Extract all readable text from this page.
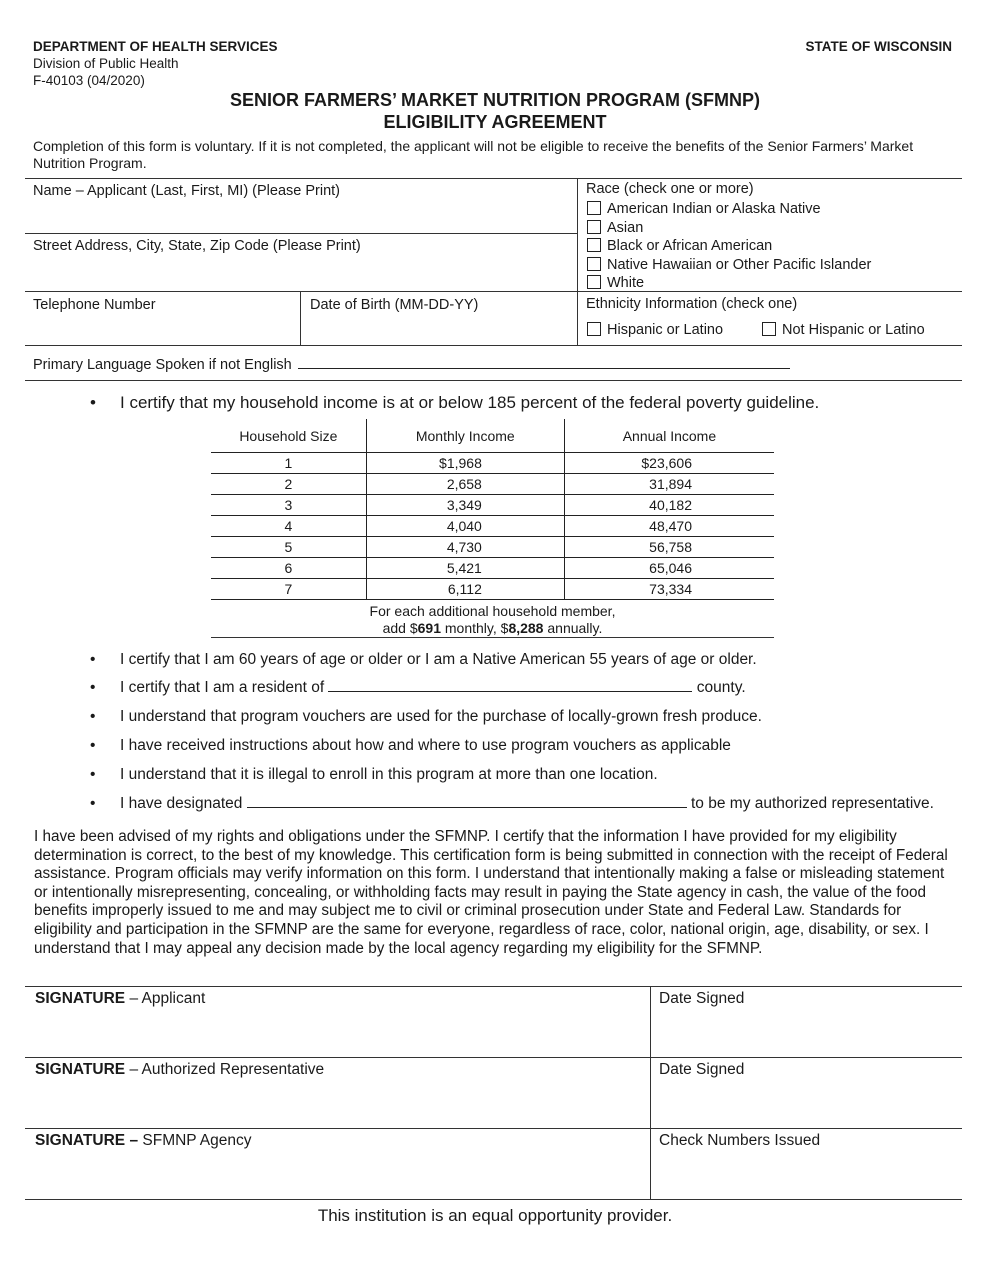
DEPARTMENT OF HEALTH SERVICES
Division of Public Health
F-40103 (04/2020)
STATE OF WISCONSIN
SENIOR FARMERS’ MARKET NUTRITION PROGRAM (SFMNP)
ELIGIBILITY AGREEMENT
Completion of this form is voluntary. If it is not completed, the applicant will not be eligible to receive the benefits of the Senior Farmers’ Market Nutrition Program.
Name – Applicant (Last, First, MI) (Please Print)
Street Address, City, State, Zip Code (Please Print)
Telephone Number	Date of Birth (MM-DD-YY)
Race (check one or more)
American Indian or Alaska Native
Asian
Black or African American
Native Hawaiian or Other Pacific Islander
White
Ethnicity Information (check one)
Hispanic or Latino	Not Hispanic or Latino
Primary Language Spoken if not English
• I certify that my household income is at or below 185 percent of the federal poverty guideline.
Household Size	Monthly Income	Annual Income
1	$1,968	$23,606
2	2,658	31,894
3	3,349	40,182
4	4,040	48,470
5	4,730	56,758
6	5,421	65,046
7	6,112	73,334
For each additional household member,
add $691 monthly, $8,288 annually.
• I certify that I am 60 years of age or older or I am a Native American 55 years of age or older.
• I certify that I am a resident of	county.
• I understand that program vouchers are used for the purchase of locally-grown fresh produce.
• I have received instructions about how and where to use program vouchers as applicable
• I understand that it is illegal to enroll in this program at more than one location.
• I have designated	to be my authorized representative.
I have been advised of my rights and obligations under the SFMNP. I certify that the information I have provided for my eligibility determination is correct, to the best of my knowledge. This certification form is being submitted in connection with the receipt of Federal assistance. Program officials may verify information on this form. I understand that intentionally making a false or misleading statement or intentionally misrepresenting, concealing, or withholding facts may result in paying the State agency in cash, the value of the food benefits improperly issued to me and may subject me to civil or criminal prosecution under State and Federal Law. Standards for eligibility and participation in the SFMNP are the same for everyone, regardless of race, color, national origin, age, disability, or sex. I understand that I may appeal any decision made by the local agency regarding my eligibility for the SFMNP.
SIGNATURE – Applicant	Date Signed
SIGNATURE – Authorized Representative	Date Signed
SIGNATURE – SFMNP Agency	Check Numbers Issued
This institution is an equal opportunity provider.
